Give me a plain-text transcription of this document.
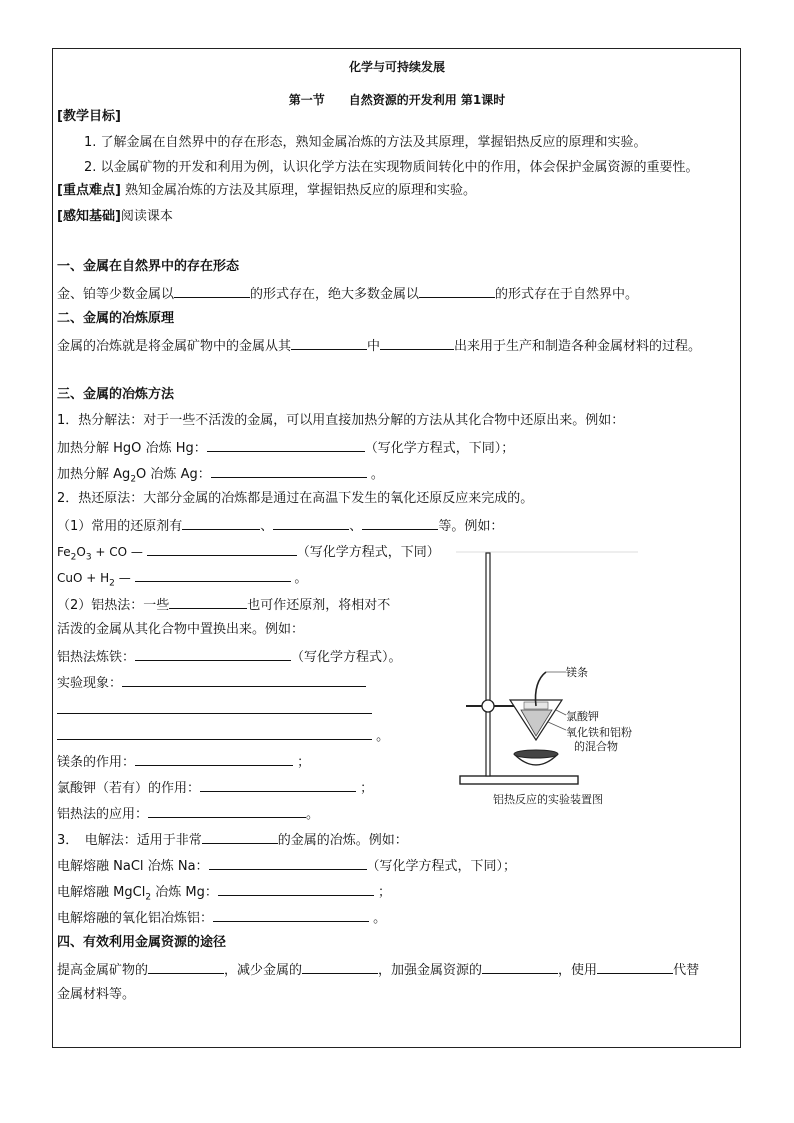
化学与可持续发展
第一节　　自然资源的开发利用 第1课时
[教学目标]
1. 了解金属在自然界中的存在形态，熟知金属冶炼的方法及其原理，掌握铝热反应的原理和实验。
2. 以金属矿物的开发和利用为例，认识化学方法在实现物质间转化中的作用，体会保护金属资源的重要性。
[重点难点] 熟知金属冶炼的方法及其原理，掌握铝热反应的原理和实验。
[感知基础]阅读课本
一、金属在自然界中的存在形态
金、铂等少数金属以	的形式存在，绝大多数金属以	的形式存在于自然界中。
二、金属的冶炼原理
金属的冶炼就是将金属矿物中的金属从其	中	出来用于生产和制造各种金属材料的过程。
三、金属的冶炼方法
1．热分解法：对于一些不活泼的金属，可以用直接加热分解的方法从其化合物中还原出来。例如：
加热分解 HgO 冶炼 Hg：	（写化学方程式，下同）；
加热分解 $Ag_2O$ 冶炼 Ag：	。
2．热还原法：大部分金属的冶炼都是通过在高温下发生的氧化还原反应来完成的。
（1）常用的还原剂有	、	、	等。例如：
$Fe_2O_3$ + CO —	（写化学方程式，下同）
CuO + $H_2$ —	。
（2）铝热法：一些	也可作还原剂，将相对不
活泼的金属从其化合物中置换出来。例如：
铝热法炼铁：	（写化学方程式）。
实验现象：
。
镁条的作用：	；
氯酸钾（若有）的作用：	；
铝热法的应用：	。
3．　电解法：适用于非常	的金属的冶炼。例如：
电解熔融 NaCl 冶炼 Na：	（写化学方程式，下同）；
电解熔融 MgCl$_2$ 冶炼 Mg：	；
电解熔融的氧化铝冶炼铝：	。
四、有效利用金属资源的途径
提高金属矿物的	，减少金属的	，加强金属资源的	，使用	代替
金属材料等。
镁条
氯酸钾
氧化铁和铝粉
的混合物
铝热反应的实验装置图
